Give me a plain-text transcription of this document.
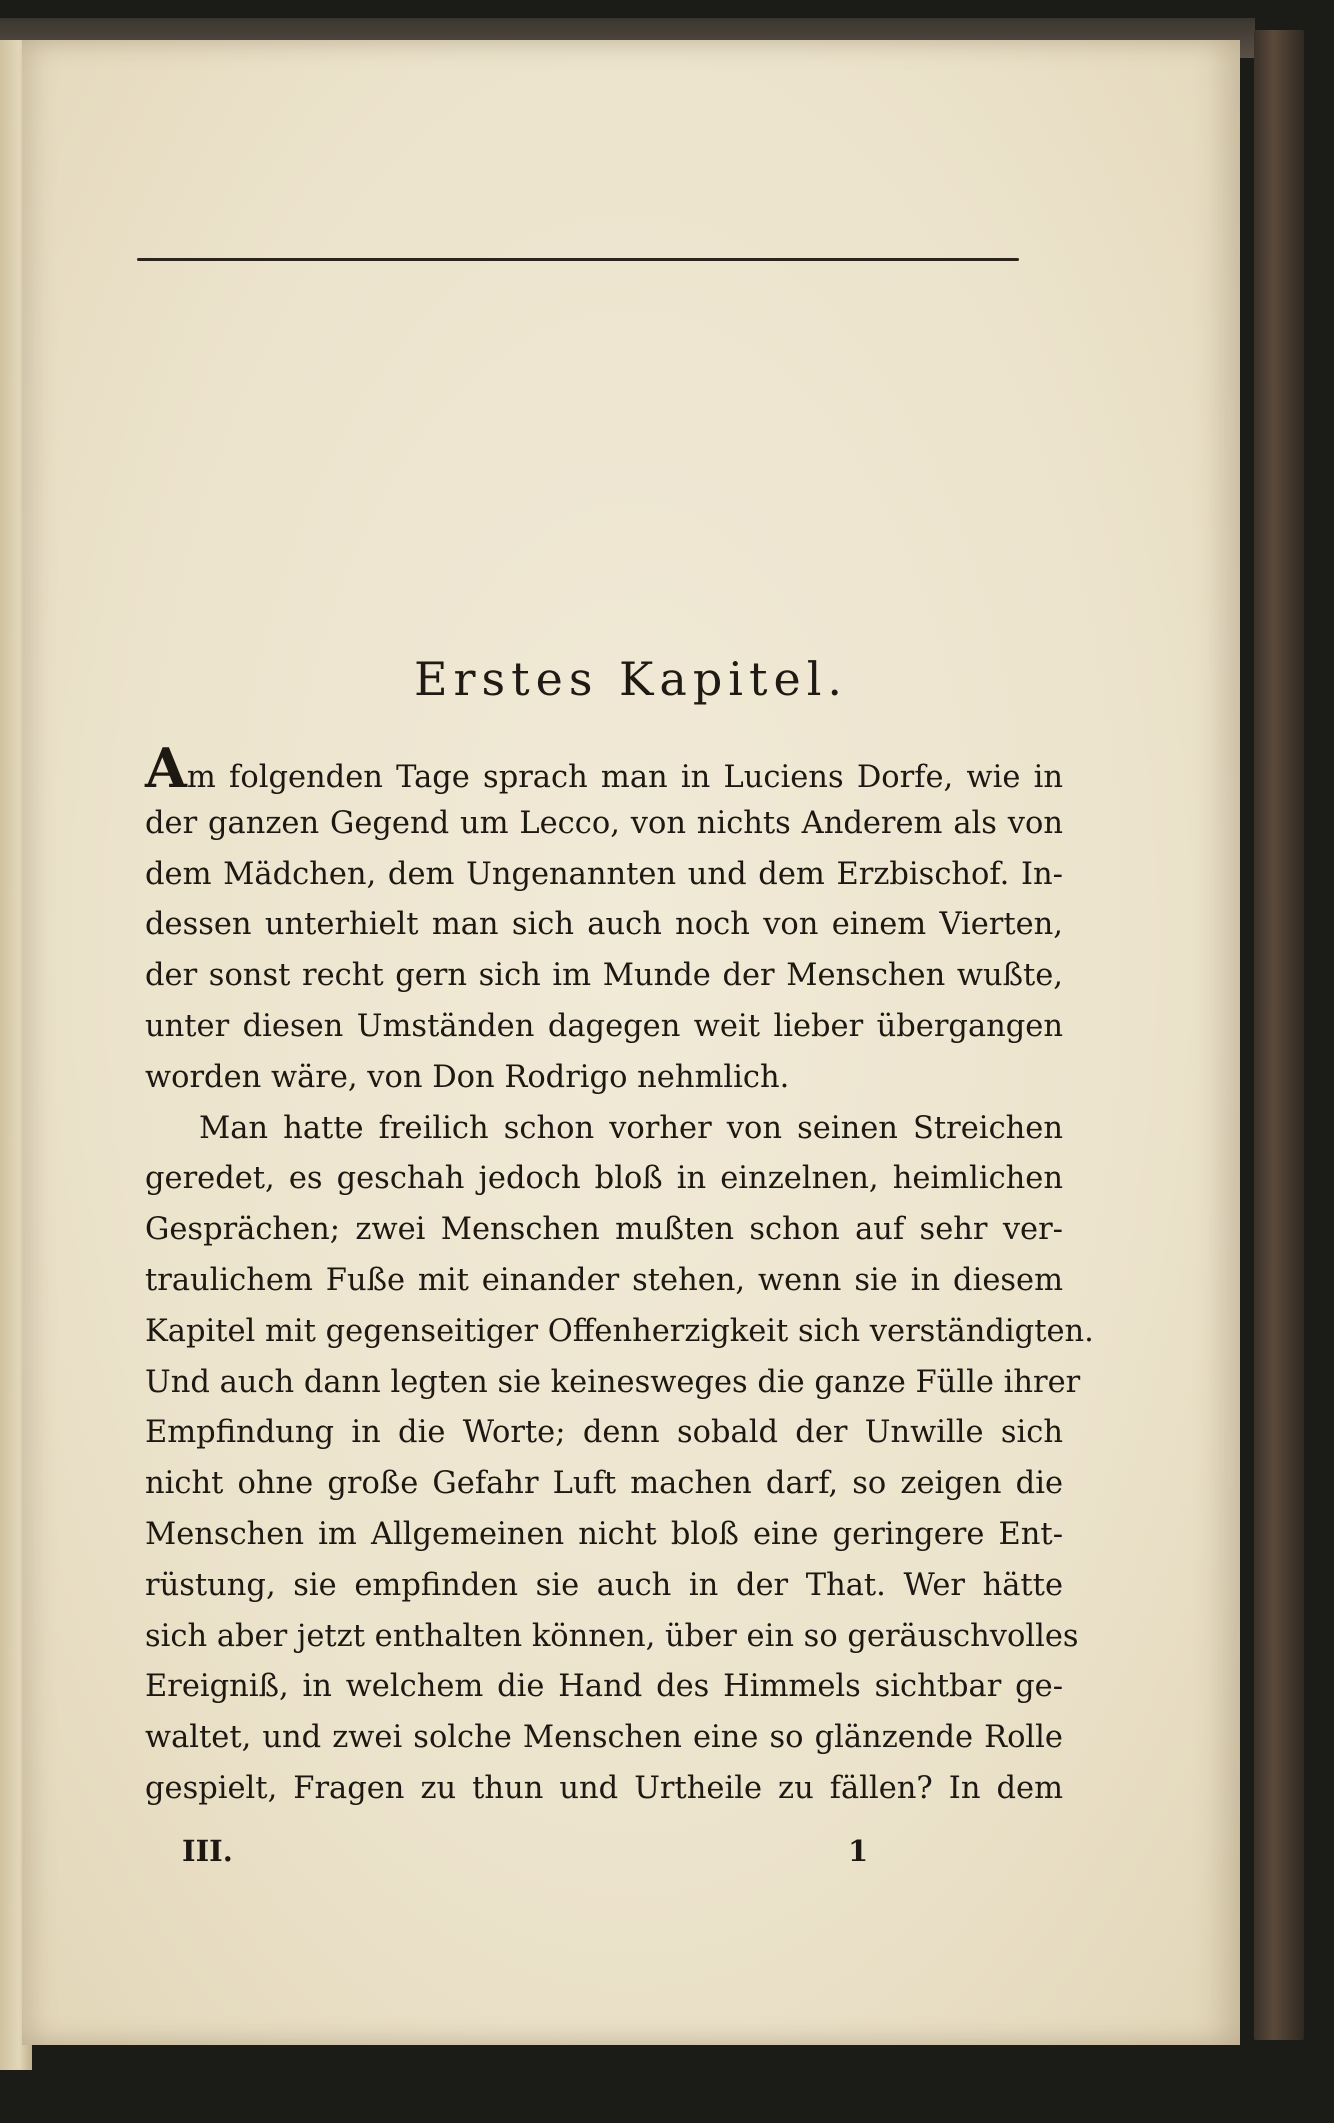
Erstes Kapitel.
Am folgenden Tage sprach man in Luciens Dorfe, wie in
der ganzen Gegend um Lecco, von nichts Anderem als von
dem Mädchen, dem Ungenannten und dem Erzbischof. In-
dessen unterhielt man sich auch noch von einem Vierten,
der sonst recht gern sich im Munde der Menschen wußte,
unter diesen Umständen dagegen weit lieber übergangen
worden wäre, von Don Rodrigo nehmlich.
Man hatte freilich schon vorher von seinen Streichen
geredet, es geschah jedoch bloß in einzelnen, heimlichen
Gesprächen; zwei Menschen mußten schon auf sehr ver-
traulichem Fuße mit einander stehen, wenn sie in diesem
Kapitel mit gegenseitiger Offenherzigkeit sich verständigten.
Und auch dann legten sie keinesweges die ganze Fülle ihrer
Empfindung in die Worte; denn sobald der Unwille sich
nicht ohne große Gefahr Luft machen darf, so zeigen die
Menschen im Allgemeinen nicht bloß eine geringere Ent-
rüstung, sie empfinden sie auch in der That. Wer hätte
sich aber jetzt enthalten können, über ein so geräuschvolles
Ereigniß, in welchem die Hand des Himmels sichtbar ge-
waltet, und zwei solche Menschen eine so glänzende Rolle
gespielt, Fragen zu thun und Urtheile zu fällen? In dem
III.	1
